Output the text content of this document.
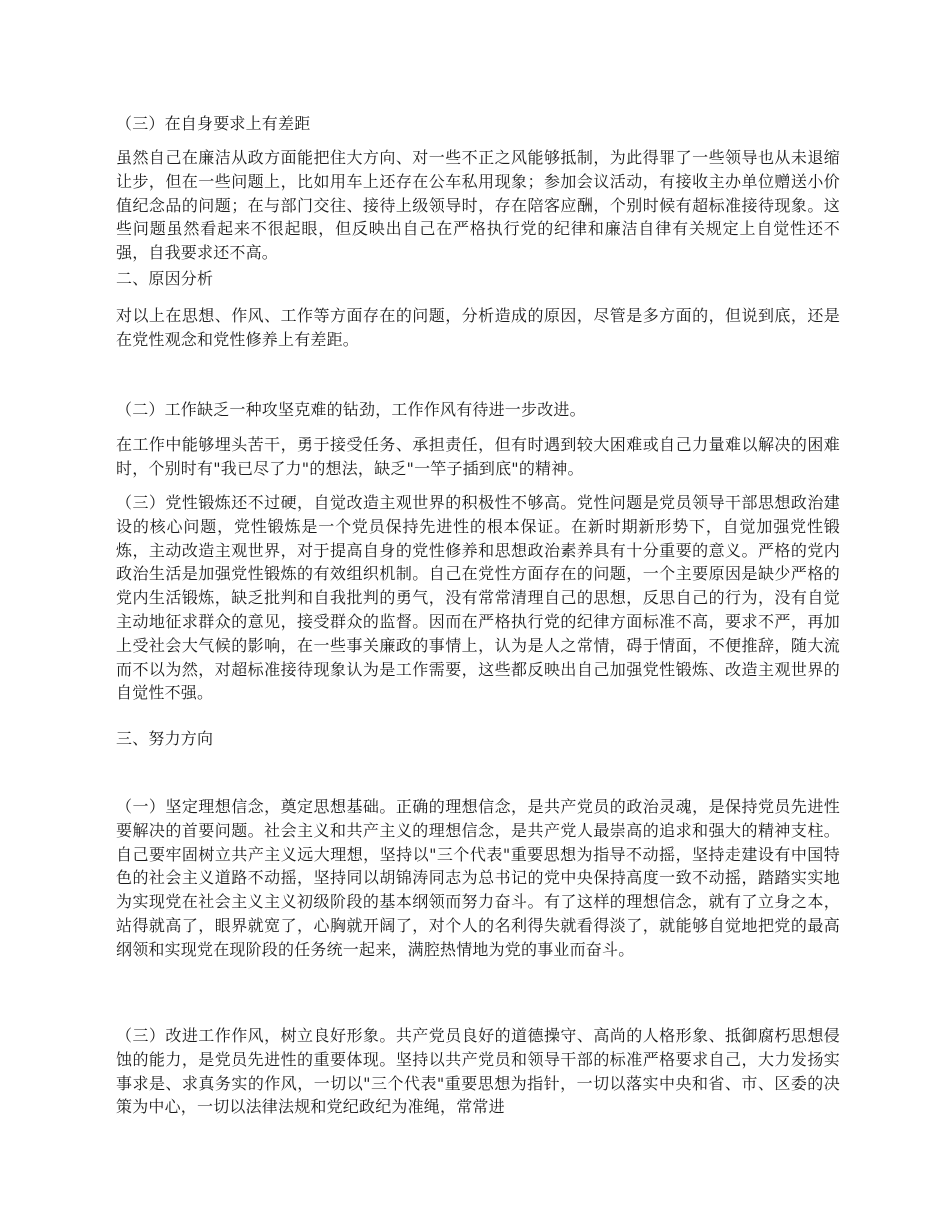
（三）在自身要求上有差距

虽然自己在廉洁从政方面能把住大方向、对一些不正之风能够抵制，为此得罪了一些领导也从未退缩让步，但在一些问题上，比如用车上还存在公车私用现象；参加会议活动，有接收主办单位赠送小价值纪念品的问题；在与部门交往、接待上级领导时，存在陪客应酬，个别时候有超标准接待现象。这些问题虽然看起来不很起眼，但反映出自己在严格执行党的纪律和廉洁自律有关规定上自觉性还不强，自我要求还不高。

二、原因分析

对以上在思想、作风、工作等方面存在的问题，分析造成的原因，尽管是多方面的，但说到底，还是在党性观念和党性修养上有差距。

（二）工作缺乏一种攻坚克难的钻劲，工作作风有待进一步改进。

在工作中能够埋头苦干，勇于接受任务、承担责任，但有时遇到较大困难或自己力量难以解决的困难时，个别时有"我已尽了力"的想法，缺乏"一竿子插到底"的精神。

（三）党性锻炼还不过硬，自觉改造主观世界的积极性不够高。党性问题是党员领导干部思想政治建设的核心问题，党性锻炼是一个党员保持先进性的根本保证。在新时期新形势下，自觉加强党性锻炼，主动改造主观世界，对于提高自身的党性修养和思想政治素养具有十分重要的意义。严格的党内政治生活是加强党性锻炼的有效组织机制。自己在党性方面存在的问题，一个主要原因是缺少严格的党内生活锻炼，缺乏批判和自我批判的勇气，没有常常清理自己的思想，反思自己的行为，没有自觉主动地征求群众的意见，接受群众的监督。因而在严格执行党的纪律方面标准不高，要求不严，再加上受社会大气候的影响，在一些事关廉政的事情上，认为是人之常情，碍于情面，不便推辞，随大流而不以为然，对超标准接待现象认为是工作需要，这些都反映出自己加强党性锻炼、改造主观世界的自觉性不强。

三、努力方向

（一）坚定理想信念，奠定思想基础。正确的理想信念，是共产党员的政治灵魂，是保持党员先进性要解决的首要问题。社会主义和共产主义的理想信念，是共产党人最崇高的追求和强大的精神支柱。自己要牢固树立共产主义远大理想，坚持以"三个代表"重要思想为指导不动摇，坚持走建设有中国特色的社会主义道路不动摇，坚持同以胡锦涛同志为总书记的党中央保持高度一致不动摇，踏踏实实地为实现党在社会主义主义初级阶段的基本纲领而努力奋斗。有了这样的理想信念，就有了立身之本，站得就高了，眼界就宽了，心胸就开阔了，对个人的名利得失就看得淡了，就能够自觉地把党的最高纲领和实现党在现阶段的任务统一起来，满腔热情地为党的事业而奋斗。

（三）改进工作作风，树立良好形象。共产党员良好的道德操守、高尚的人格形象、抵御腐朽思想侵蚀的能力，是党员先进性的重要体现。坚持以共产党员和领导干部的标准严格要求自己，大力发扬实事求是、求真务实的作风，一切以"三个代表"重要思想为指针，一切以落实中央和省、市、区委的决策为中心，一切以法律法规和党纪政纪为准绳，常常进
